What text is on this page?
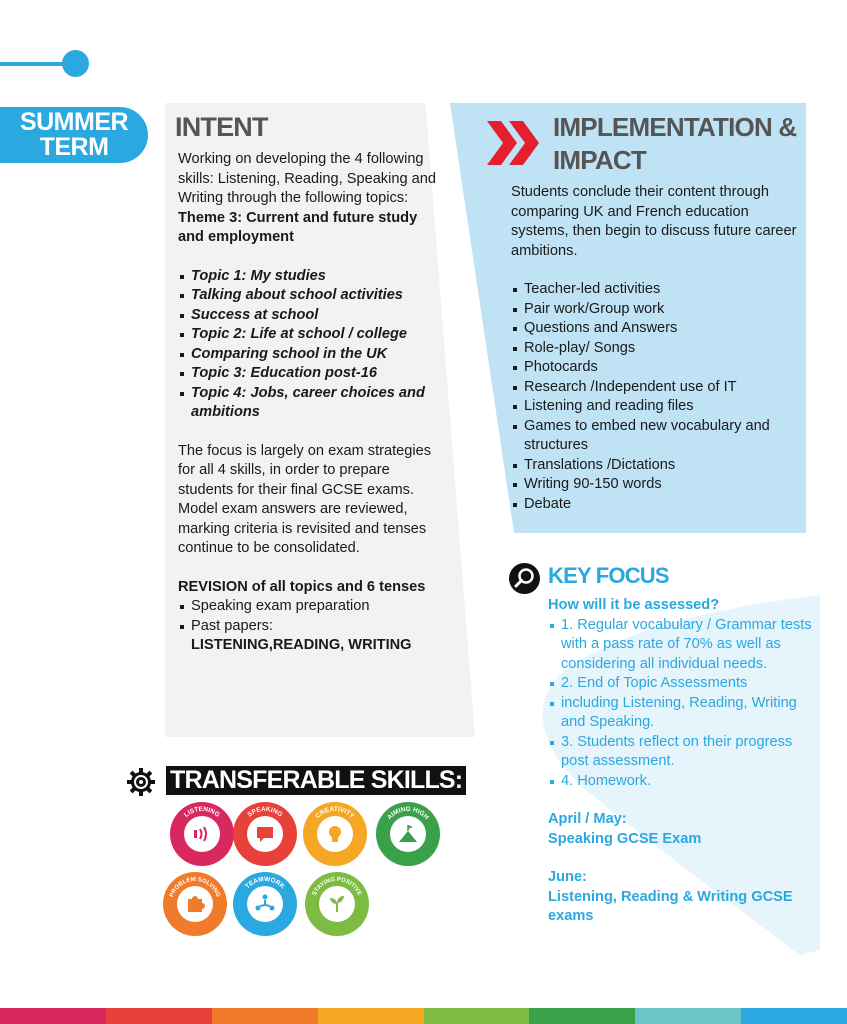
SUMMER
TERM
INTENT

Working on developing the 4 following skills: Listening, Reading, Speaking and Writing through the following topics:

Theme 3: Current and future study and employment

Topic 1: My studies
Talking about school activities
Success at school
Topic 2: Life at school / college
Comparing school in the UK
Topic 3: Education post-16
Topic 4: Jobs, career choices and ambitions

The focus is largely on exam strategies for all 4 skills, in order to prepare students for their final GCSE exams. Model exam answers are reviewed, marking criteria is revisited and tenses continue to be consolidated.

REVISION of all topics and 6 tenses

Speaking exam preparation
Past papers:
LISTENING,READING, WRITING
IMPLEMENTATION & IMPACT

Students conclude their content through comparing UK and French education systems, then begin to discuss future career ambitions.

Teacher-led activities
Pair work/Group work
Questions and Answers
Role-play/ Songs
Photocards
Research /Independent use of IT
Listening and reading files
Games to embed new vocabulary and structures
Translations /Dictations
Writing 90-150 words
Debate
KEY FOCUS

How will it be assessed?

1. Regular vocabulary / Grammar tests with a pass rate of 70% as well as considering all individual needs.
2. End of Topic Assessments
including Listening, Reading, Writing and Speaking.
3. Students reflect on their progress post assessment.
4. Homework.

April / May:

Speaking GCSE Exam

June:

Listening, Reading & Writing GCSE exams

TRANSFERABLE SKILLS:
LISTENING	SPEAKING	CREATIVITY	AIMING HIGH
PROBLEM SOLVING
TEAMWORK
STAYING POSITIVE
